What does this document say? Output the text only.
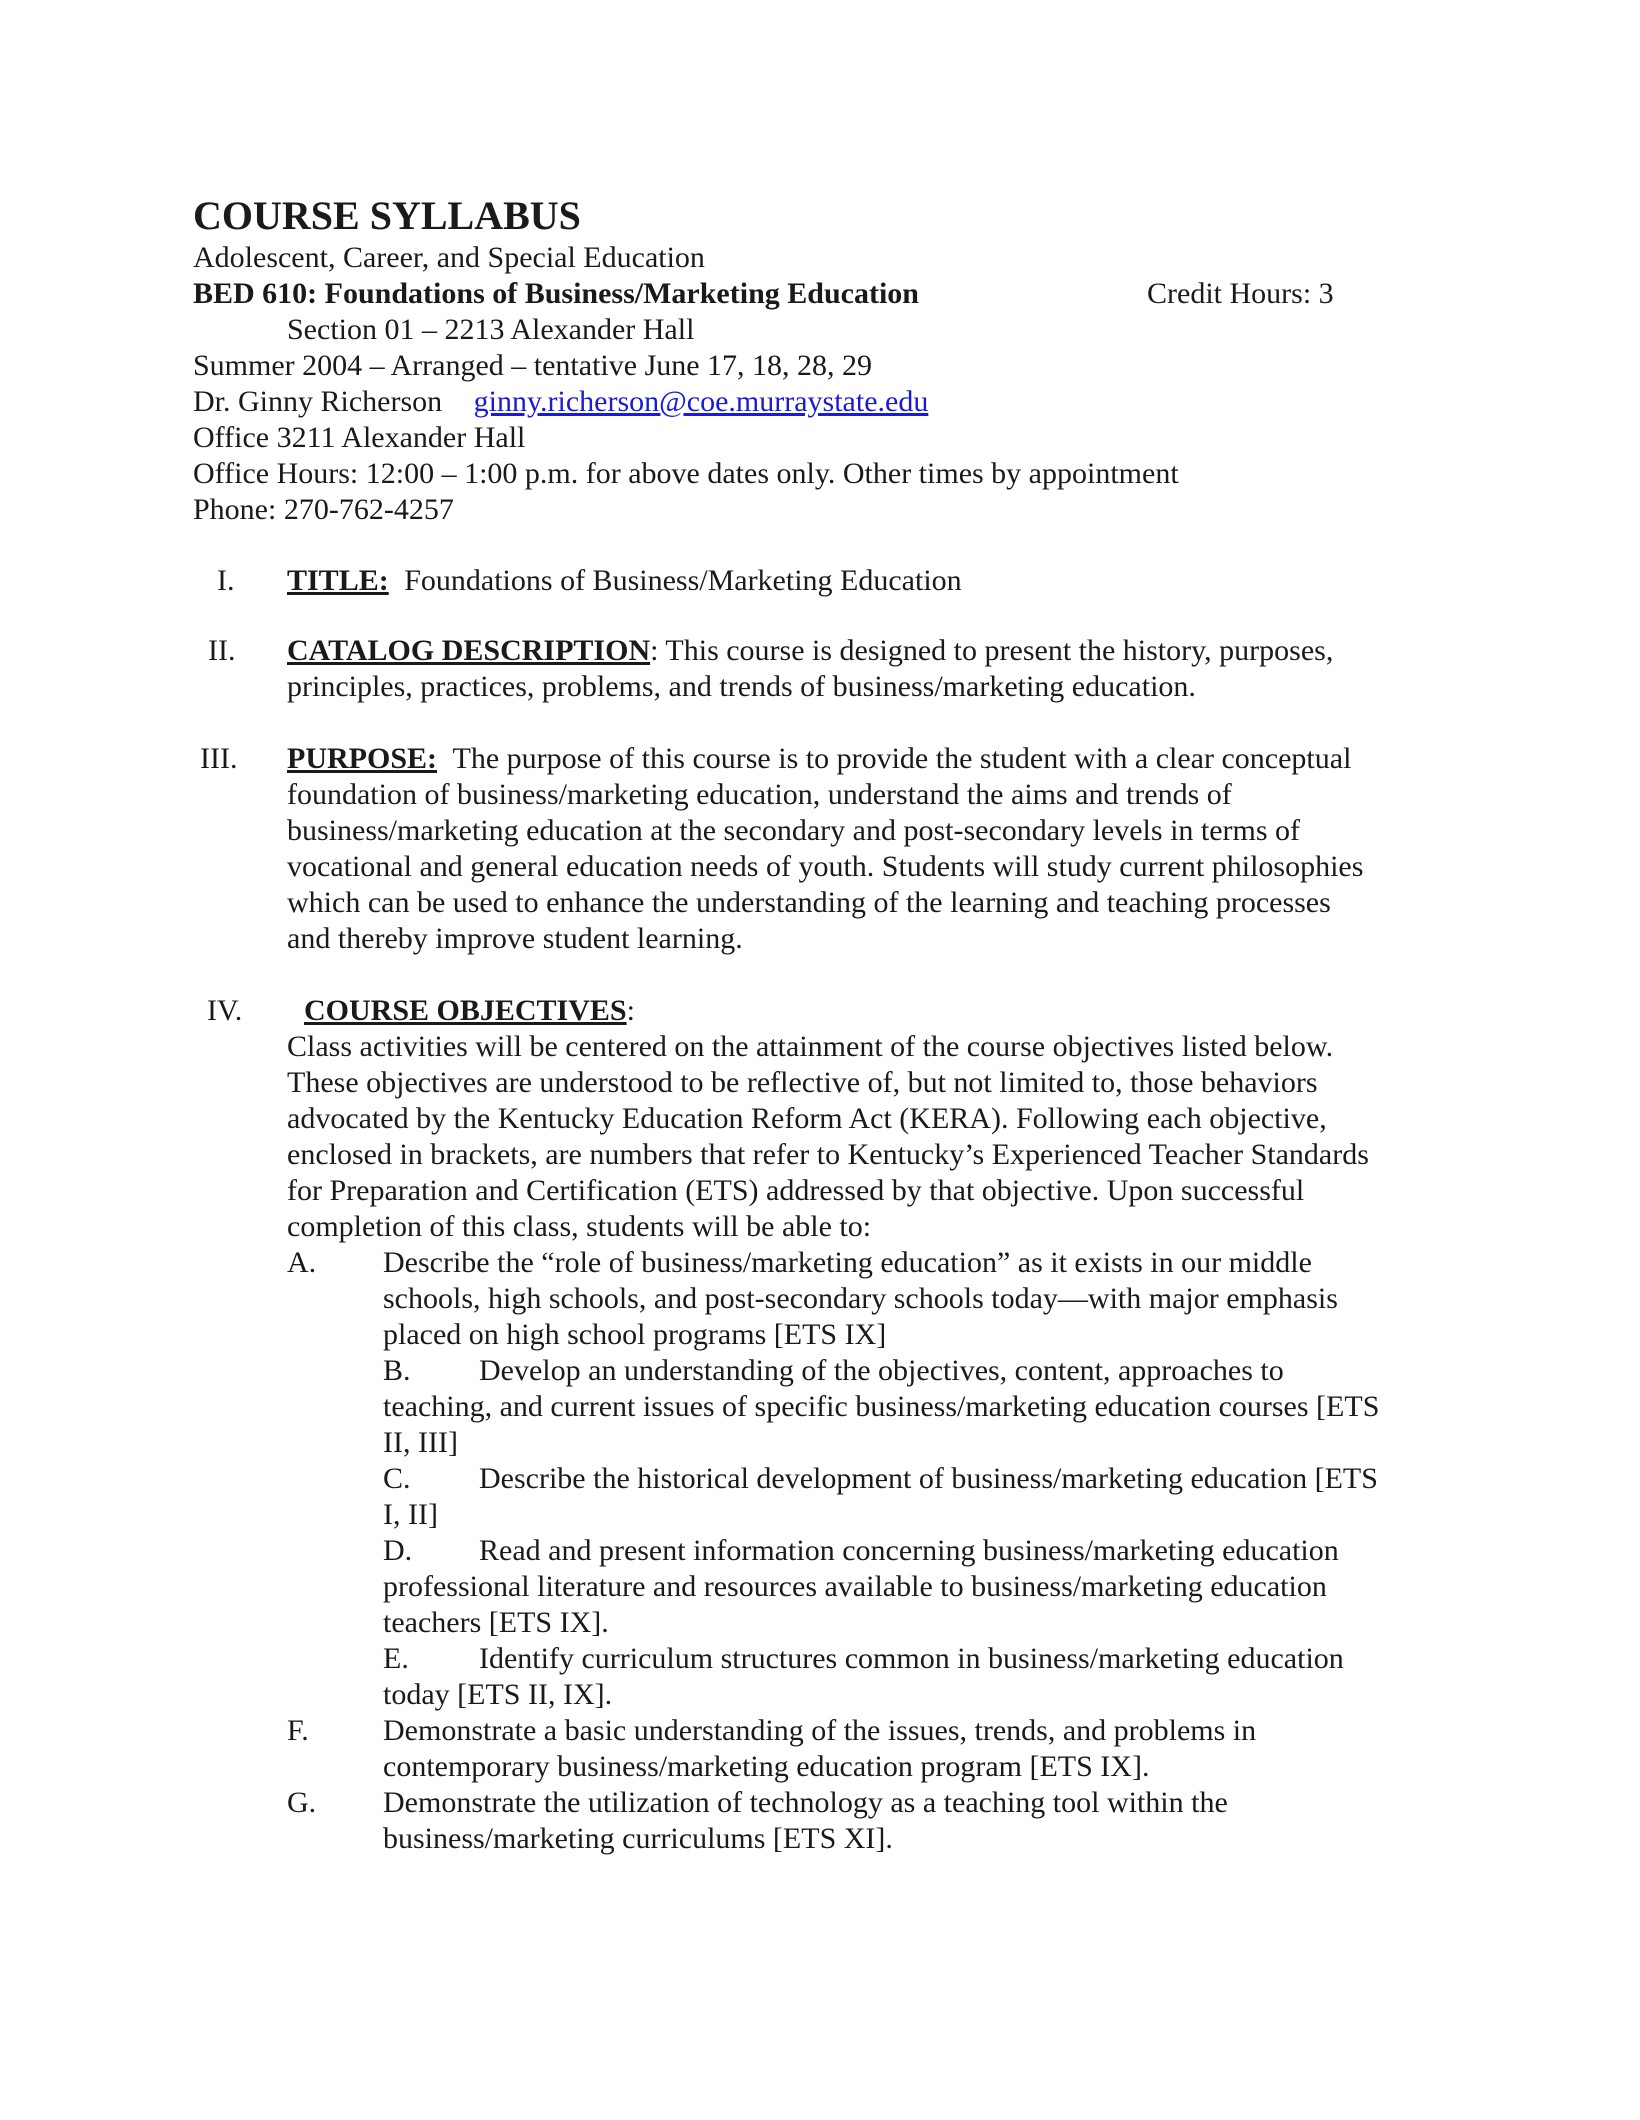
COURSE SYLLABUS
Adolescent, Career, and Special Education
BED 610: Foundations of Business/Marketing Education	Credit Hours: 3
Section 01 – 2213 Alexander Hall
Summer 2004 – Arranged – tentative June 17, 18, 28, 29
Dr. Ginny Richerson ginny.richerson@coe.murraystate.edu
Office 3211 Alexander Hall
Office Hours: 12:00 – 1:00 p.m. for above dates only. Other times by appointment
Phone: 270-762-4257
I. TITLE: Foundations of Business/Marketing Education
II. CATALOG DESCRIPTION: This course is designed to present the history, purposes,
principles, practices, problems, and trends of business/marketing education.
III. PURPOSE: The purpose of this course is to provide the student with a clear conceptual
foundation of business/marketing education, understand the aims and trends of
business/marketing education at the secondary and post-secondary levels in terms of
vocational and general education needs of youth. Students will study current philosophies
which can be used to enhance the understanding of the learning and teaching processes
and thereby improve student learning.
IV. COURSE OBJECTIVES:
Class activities will be centered on the attainment of the course objectives listed below.
These objectives are understood to be reflective of, but not limited to, those behaviors
advocated by the Kentucky Education Reform Act (KERA). Following each objective,
enclosed in brackets, are numbers that refer to Kentucky’s Experienced Teacher Standards
for Preparation and Certification (ETS) addressed by that objective. Upon successful
completion of this class, students will be able to:
A. Describe the “role of business/marketing education” as it exists in our middle
schools, high schools, and post-secondary schools today—with major emphasis
placed on high school programs [ETS IX]
B. Develop an understanding of the objectives, content, approaches to
teaching, and current issues of specific business/marketing education courses [ETS
II, III]
C. Describe the historical development of business/marketing education [ETS
I, II]
D. Read and present information concerning business/marketing education
professional literature and resources available to business/marketing education
teachers [ETS IX].
E. Identify curriculum structures common in business/marketing education
today [ETS II, IX].
F. Demonstrate a basic understanding of the issues, trends, and problems in
contemporary business/marketing education program [ETS IX].
G. Demonstrate the utilization of technology as a teaching tool within the
business/marketing curriculums [ETS XI].
